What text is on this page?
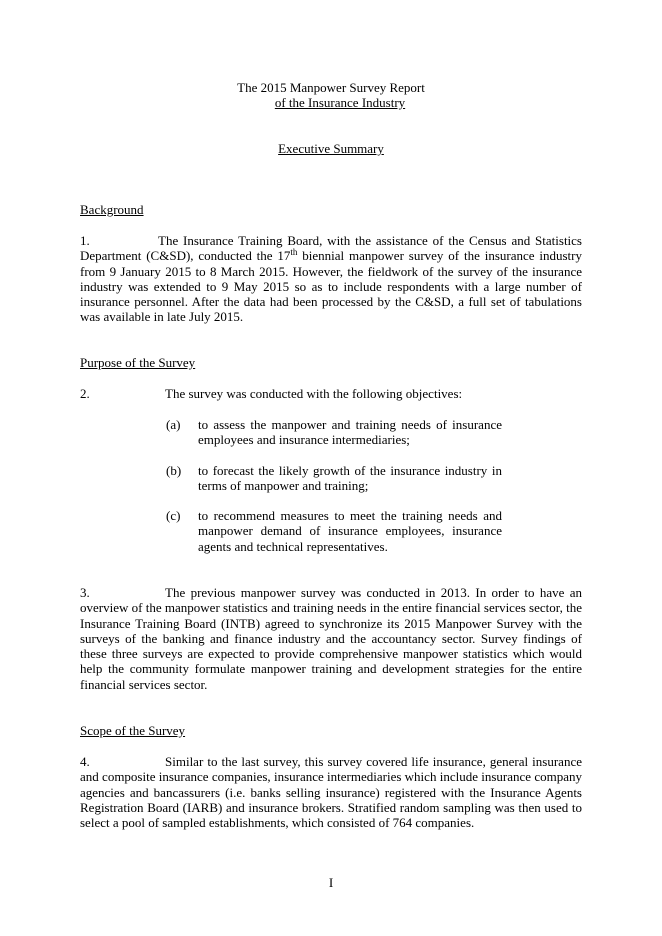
The 2015 Manpower Survey Report
of the Insurance Industry
Executive Summary
Background
1.	The Insurance Training Board, with the assistance of the Census and Statistics Department (C&SD), conducted the 17th biennial manpower survey of the insurance industry from 9 January 2015 to 8 March 2015. However, the fieldwork of the survey of the insurance industry was extended to 9 May 2015 so as to include respondents with a large number of insurance personnel. After the data had been processed by the C&SD, a full set of tabulations was available in late July 2015.
Purpose of the Survey
2.	The survey was conducted with the following objectives:
(a) to assess the manpower and training needs of insurance employees and insurance intermediaries;
(b) to forecast the likely growth of the insurance industry in terms of manpower and training;
(c) to recommend measures to meet the training needs and manpower demand of insurance employees, insurance agents and technical representatives.
3.	The previous manpower survey was conducted in 2013. In order to have an overview of the manpower statistics and training needs in the entire financial services sector, the Insurance Training Board (INTB) agreed to synchronize its 2015 Manpower Survey with the surveys of the banking and finance industry and the accountancy sector. Survey findings of these three surveys are expected to provide comprehensive manpower statistics which would help the community formulate manpower training and development strategies for the entire financial services sector.
Scope of the Survey
4.	Similar to the last survey, this survey covered life insurance, general insurance and composite insurance companies, insurance intermediaries which include insurance company agencies and bancassurers (i.e. banks selling insurance) registered with the Insurance Agents Registration Board (IARB) and insurance brokers. Stratified random sampling was then used to select a pool of sampled establishments, which consisted of 764 companies.
I
